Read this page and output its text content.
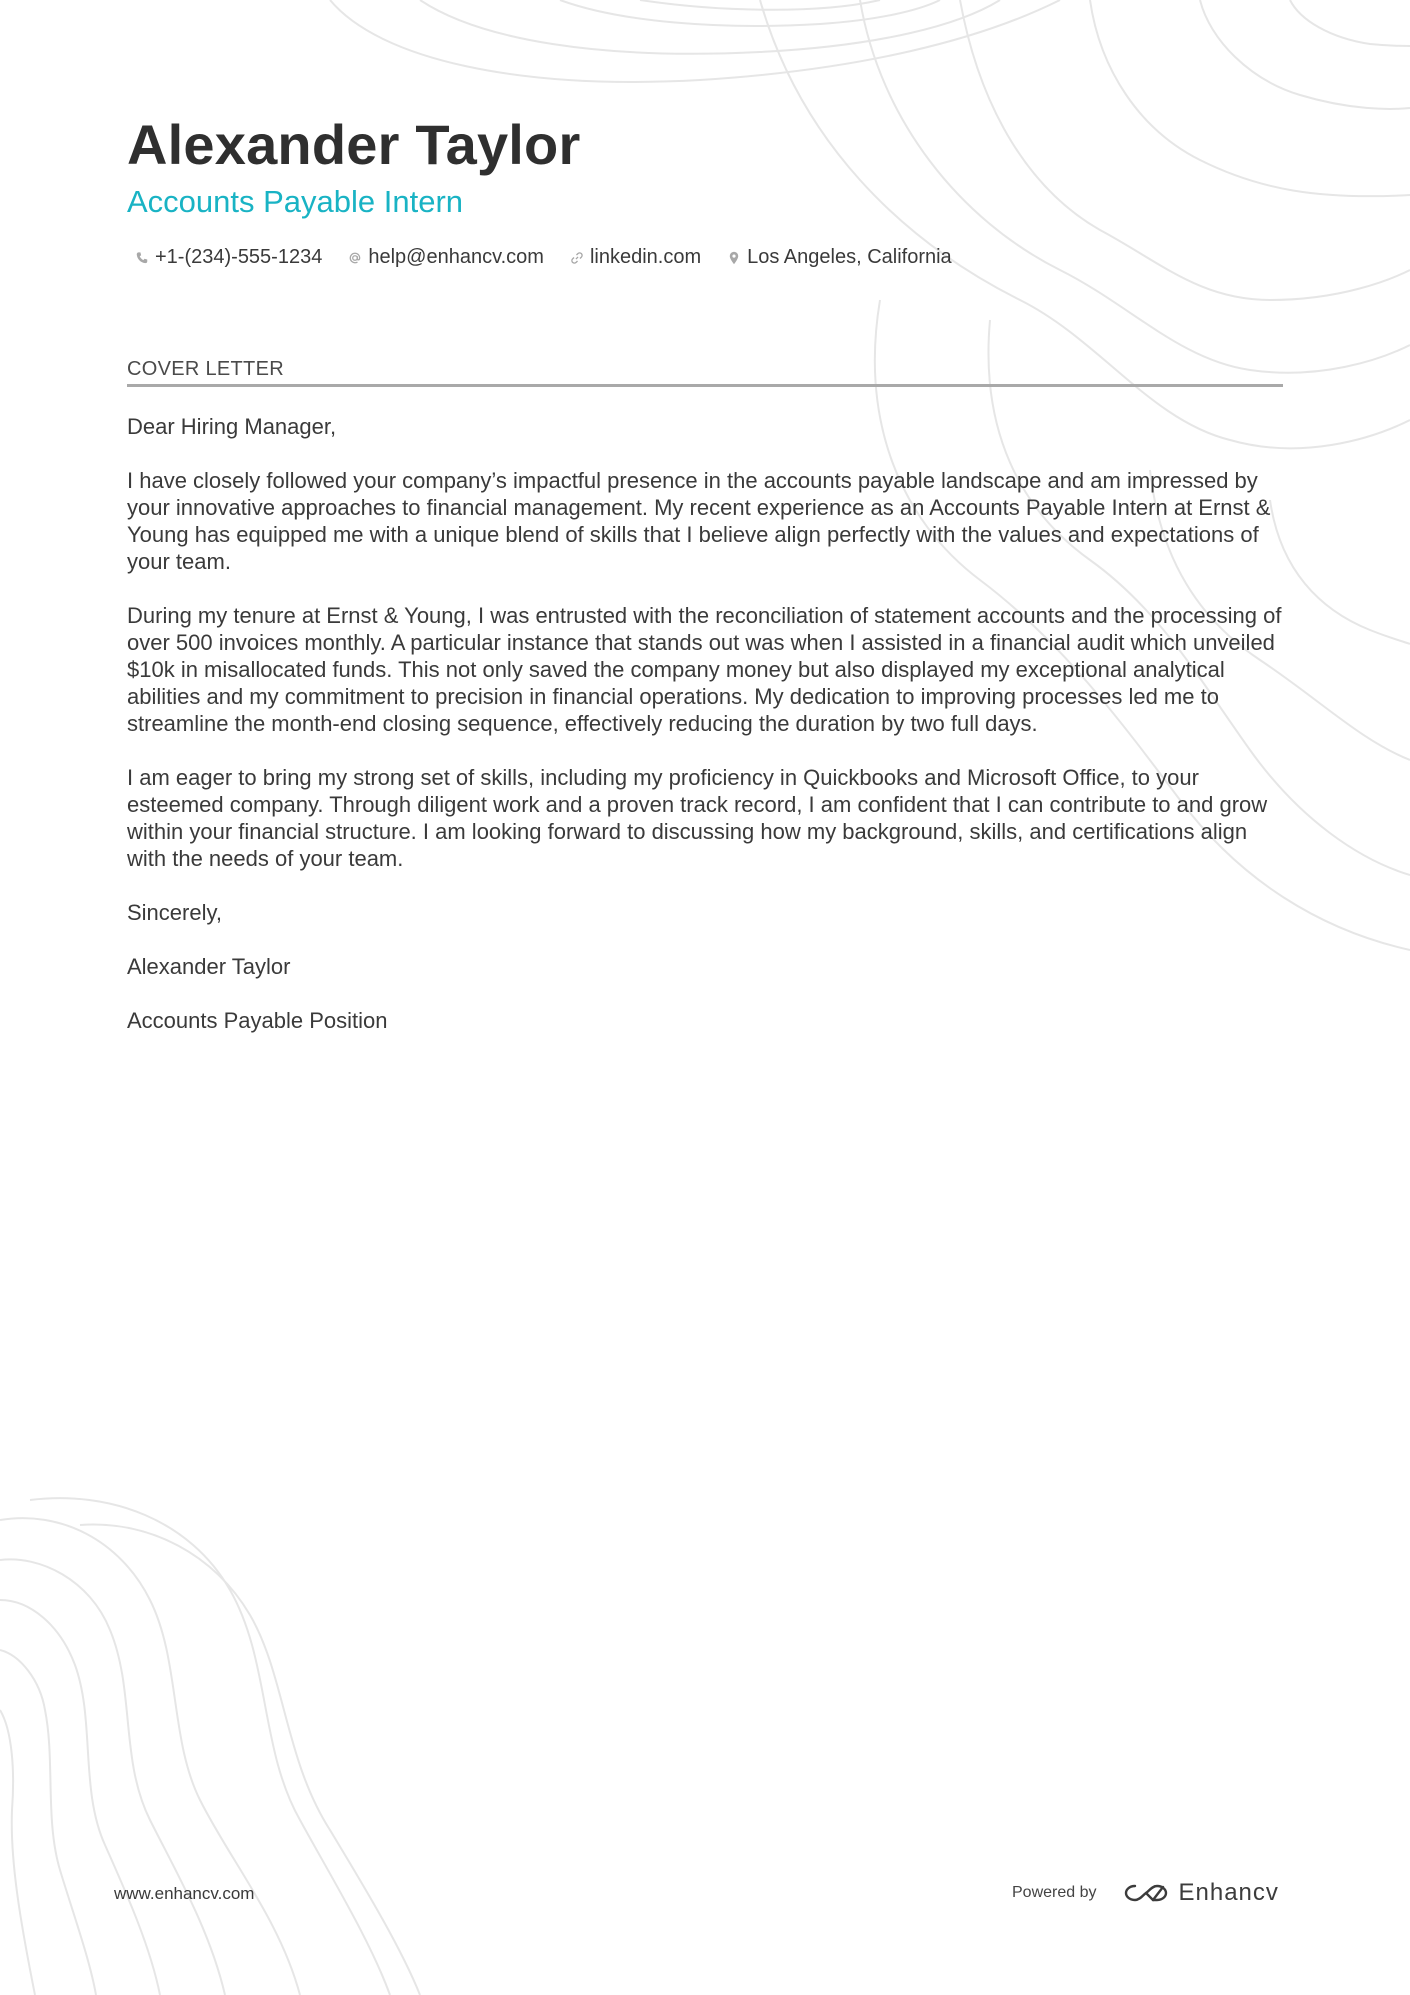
Alexander Taylor
Accounts Payable Intern
+1-(234)-555-1234 help@enhancv.com linkedin.com Los Angeles, California
COVER LETTER

Dear Hiring Manager,

I have closely followed your company’s impactful presence in the accounts payable landscape and am impressed by your innovative approaches to financial management. My recent experience as an Accounts Payable Intern at Ernst & Young has equipped me with a unique blend of skills that I believe align perfectly with the values and expectations of your team.

During my tenure at Ernst & Young, I was entrusted with the reconciliation of statement accounts and the processing of over 500 invoices monthly. A particular instance that stands out was when I assisted in a financial audit which unveiled $10k in misallocated funds. This not only saved the company money but also displayed my exceptional analytical abilities and my commitment to precision in financial operations. My dedication to improving processes led me to streamline the month-end closing sequence, effectively reducing the duration by two full days.

I am eager to bring my strong set of skills, including my proficiency in Quickbooks and Microsoft Office, to your esteemed company. Through diligent work and a proven track record, I am confident that I can contribute to and grow within your financial structure. I am looking forward to discussing how my background, skills, and certifications align with the needs of your team.

Sincerely,

Alexander Taylor

Accounts Payable Position

www.enhancv.com	Powered by	Enhancv
